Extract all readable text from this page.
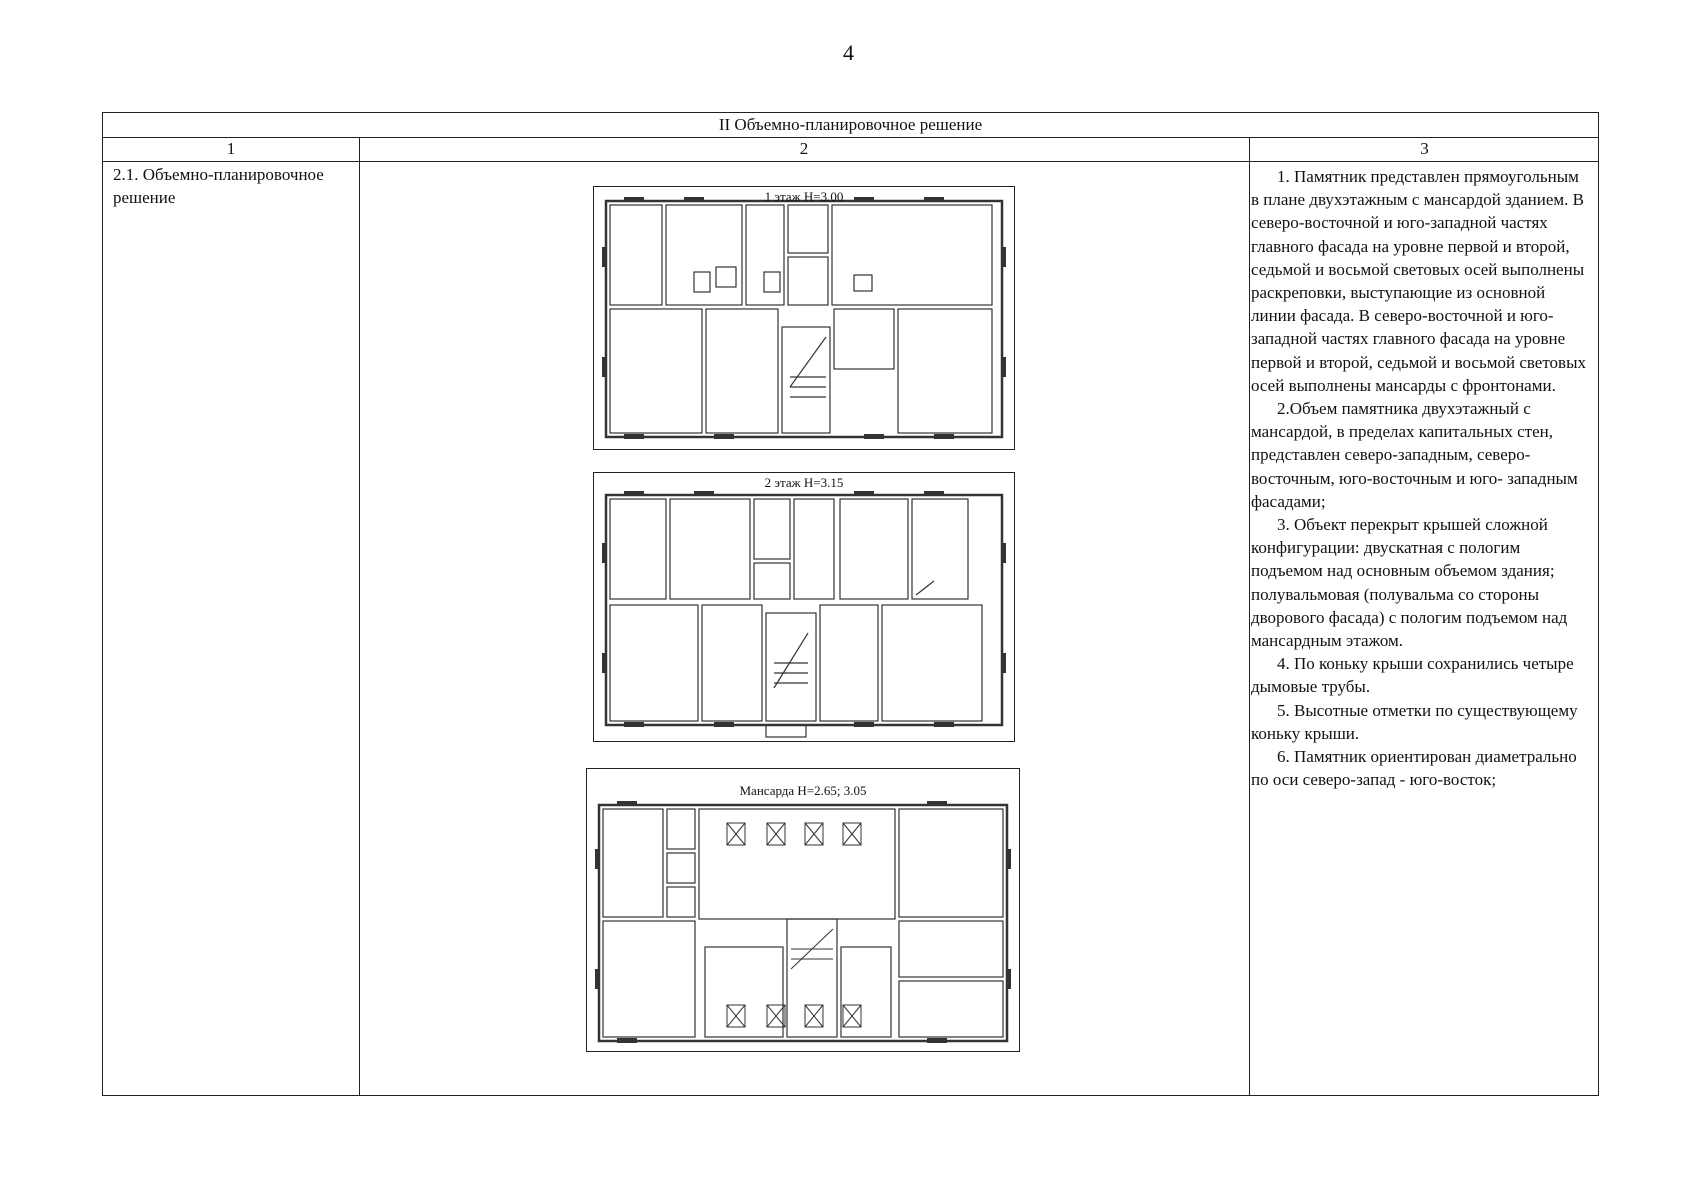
4
II Объемно-планировочное решение
1	2	3
2.1. Объемно-планировочное решение

1. Памятник представлен прямоугольным в плане двухэтажным с мансардой зданием. В северо-восточной и юго-западной частях главного фасада на уровне первой и второй, седьмой и восьмой световых осей выполнены раскреповки, выступающие из основной линии фасада. В северо-восточной и юго-западной частях главного фасада на уровне первой и второй, седьмой и восьмой световых осей выполнены мансарды с фронтонами.

2.Объем памятника двухэтажный с мансардой, в пределах капитальных стен, представлен северо-западным, северо-восточным, юго-восточным и юго- западным фасадами;

3. Объект перекрыт крышей сложной конфигурации: двускатная с пологим подъемом над основным объемом здания; полувальмовая (полувальма со стороны дворового фасада) с пологим подъемом над мансардным этажом.

4. По коньку крыши сохранились четыре дымовые трубы.

5. Высотные отметки по существующему коньку крыши.

6. Памятник ориентирован диаметрально по оси северо-запад - юго-восток;

1 этаж Н=3.00
2 этаж Н=3.15
Мансарда Н=2.65; 3.05
